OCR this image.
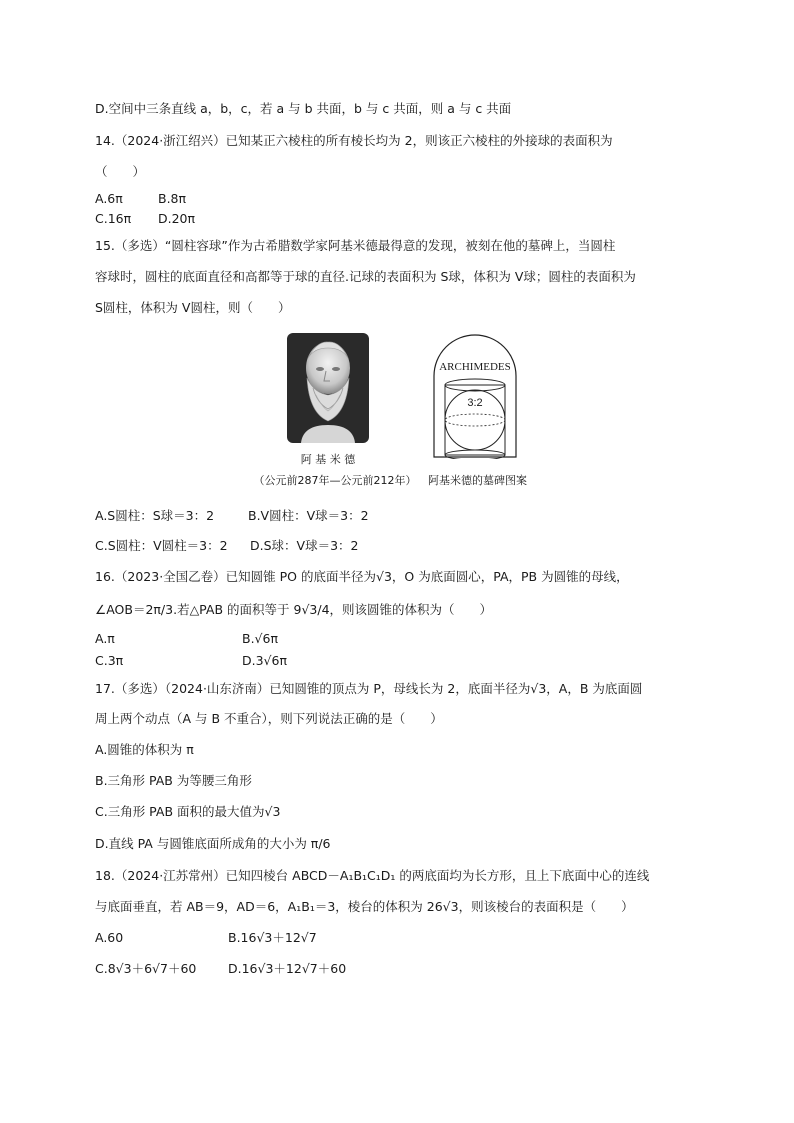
D.空间中三条直线 a，b，c，若 a 与 b 共面，b 与 c 共面，则 a 与 c 共面
14.（2024·浙江绍兴）已知某正六棱柱的所有棱长均为 2，则该正六棱柱的外接球的表面积为
（　　）
A.6π	B.8π
C.16π D.20π
15.（多选）“圆柱容球”作为古希腊数学家阿基米德最得意的发现，被刻在他的墓碑上，当圆柱
容球时，圆柱的底面直径和高都等于球的直径.记球的表面积为 S球，体积为 V球；圆柱的表面积为
S圆柱，体积为 V圆柱，则（　　）
ARCHIMEDES
3:2
阿 基 米 德
（公元前287年—公元前212年）	阿基米德的墓碑图案
A.S圆柱：S球＝3：2	B.V圆柱：V球＝3：2
C.S圆柱：V圆柱＝3：2 D.S球：V球＝3：2
16.（2023·全国乙卷）已知圆锥 PO 的底面半径为√3，O 为底面圆心，PA，PB 为圆锥的母线，
∠AOB＝2π/3.若△PAB 的面积等于 9√3/4，则该圆锥的体积为（　　）
A.π	B.√6π
C.3π	D.3√6π
17.（多选）（2024·山东济南）已知圆锥的顶点为 P，母线长为 2，底面半径为√3，A，B 为底面圆
周上两个动点（A 与 B 不重合），则下列说法正确的是（　　）
A.圆锥的体积为 π
B.三角形 PAB 为等腰三角形
C.三角形 PAB 面积的最大值为√3
D.直线 PA 与圆锥底面所成角的大小为 π/6
18.（2024·江苏常州）已知四棱台 ABCD－A₁B₁C₁D₁ 的两底面均为长方形，且上下底面中心的连线
与底面垂直，若 AB＝9，AD＝6，A₁B₁＝3，棱台的体积为 26√3，则该棱台的表面积是（　　）
A.60	B.16√3＋12√7
C.8√3＋6√7＋60	D.16√3＋12√7＋60
